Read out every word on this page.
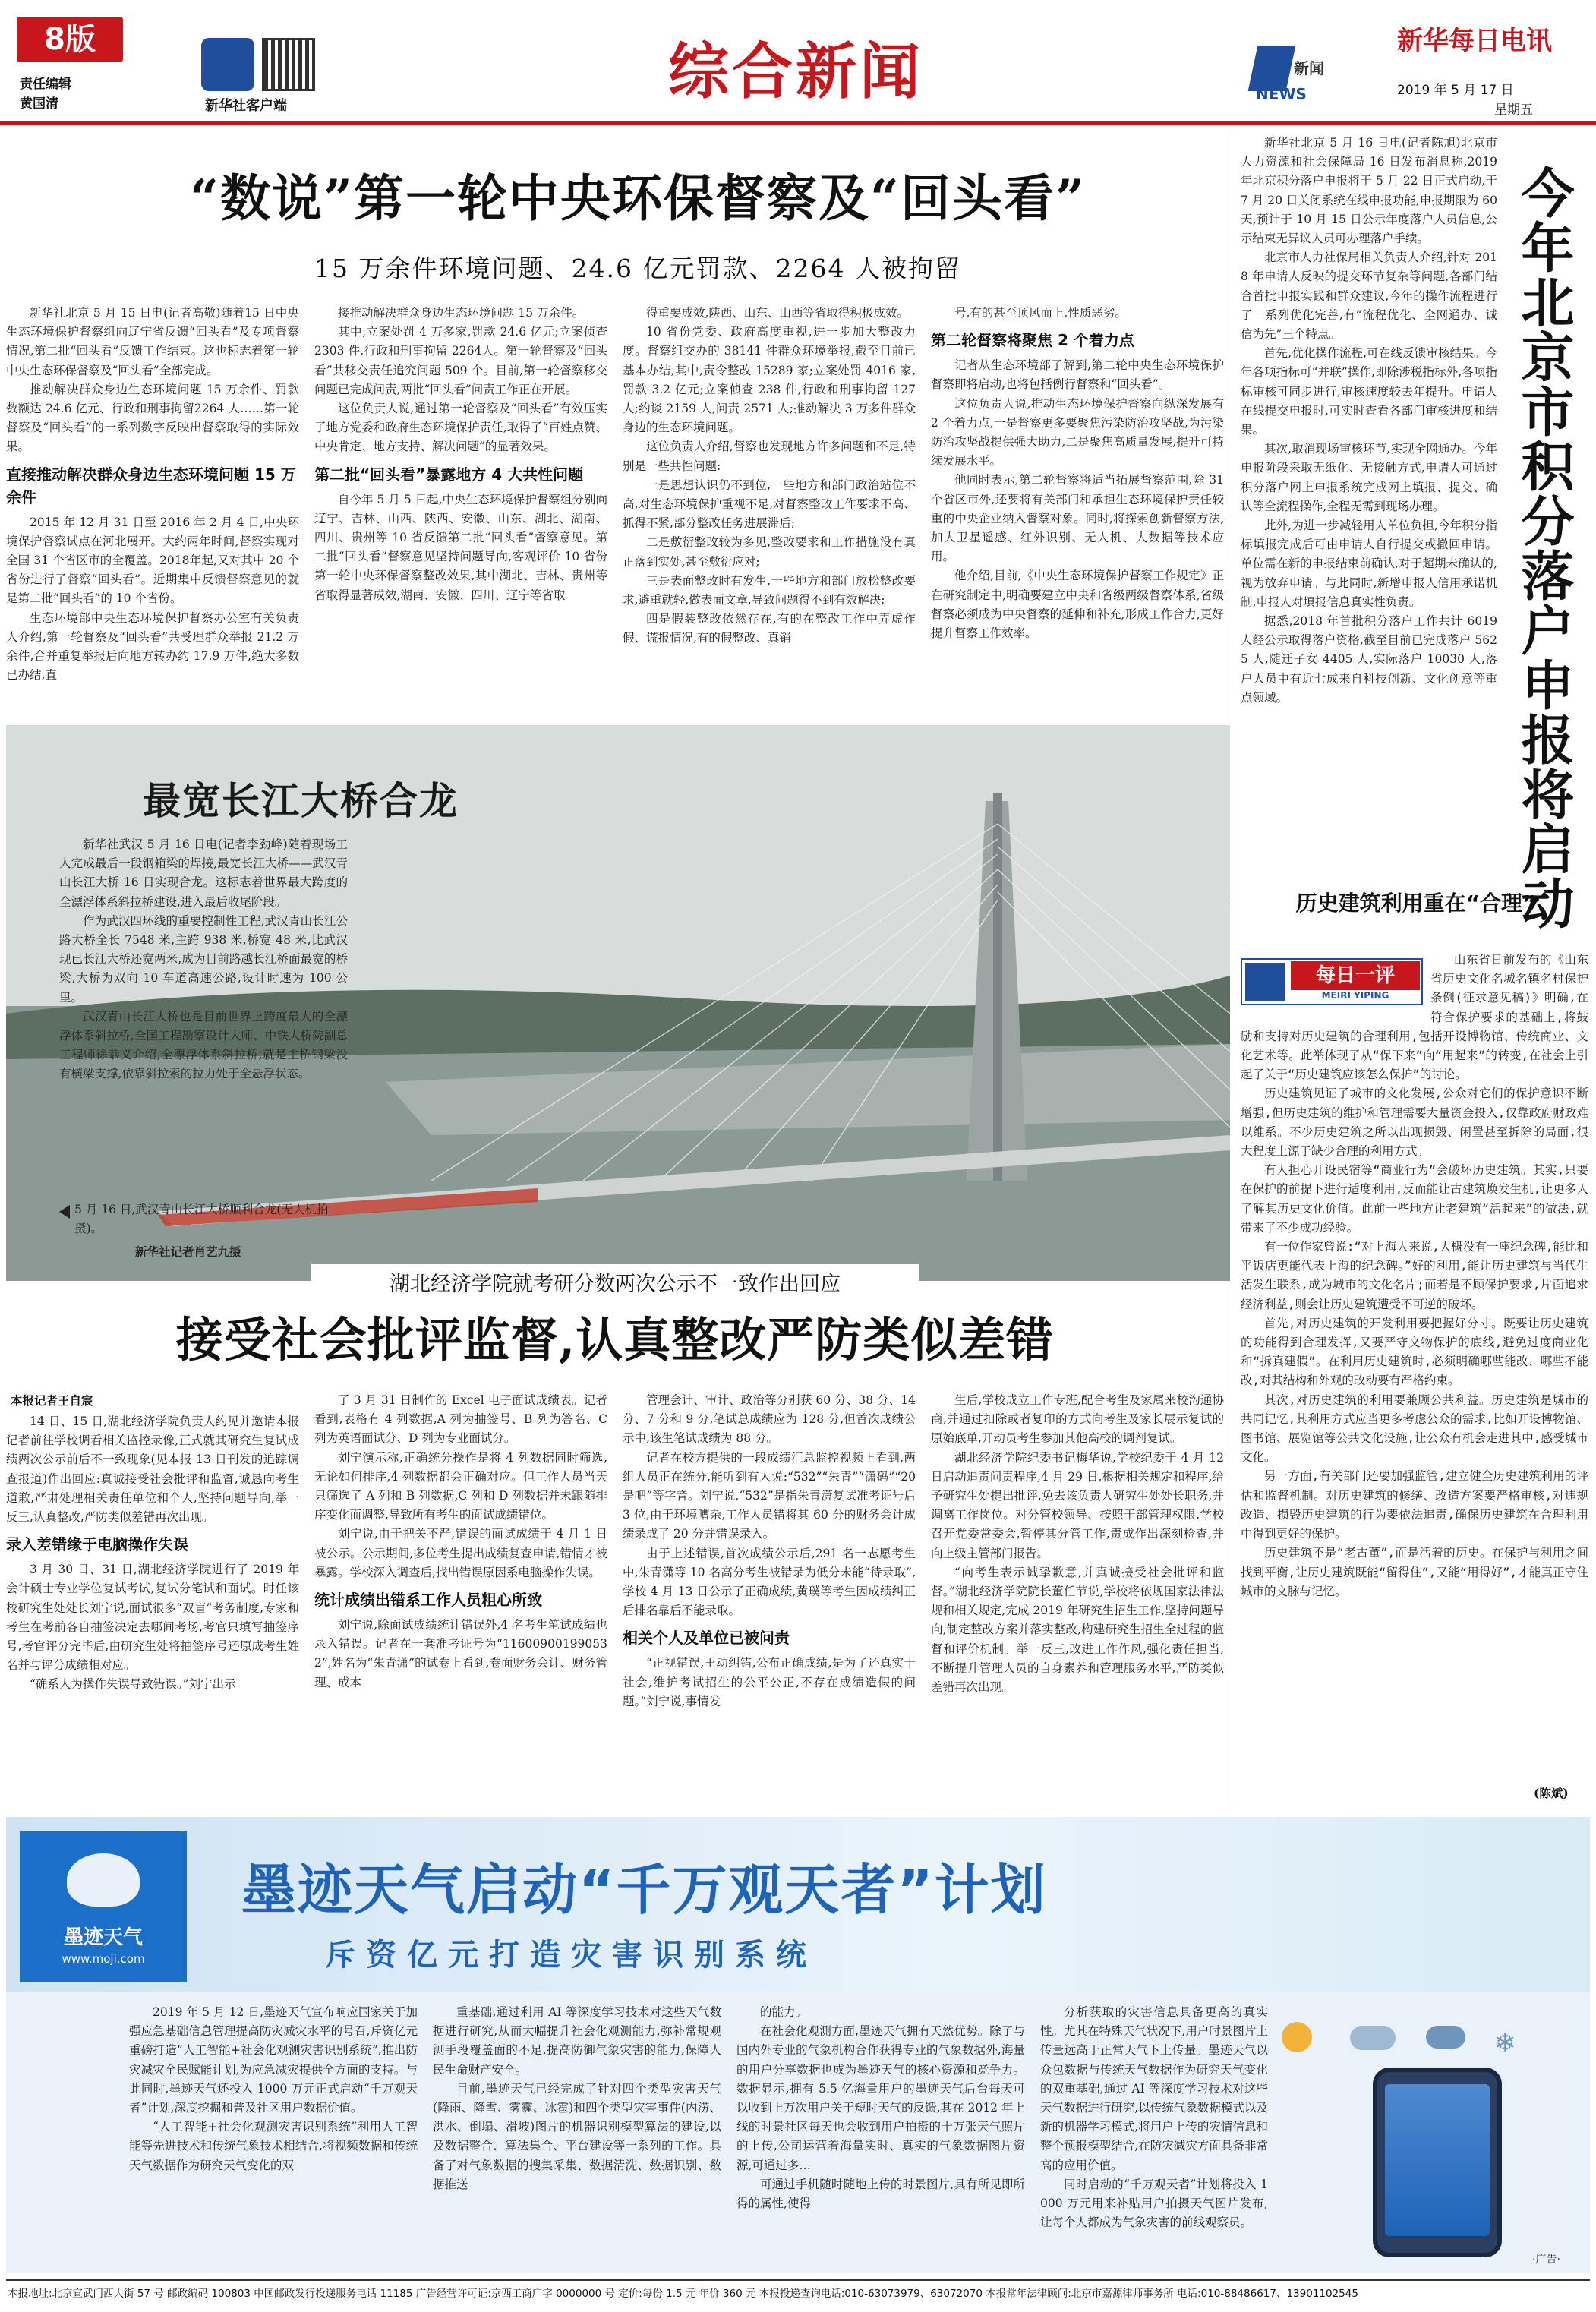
8版
责任编辑
黄国清	新华社客户端	综合新闻	NEWS
新闻
新华每日电讯
2019 年 5 月 17 日
星期五
“数说”第一轮中央环保督察及“回头看”
15 万余件环境问题、24.6 亿元罚款、2264 人被拘留

新华社北京 5 月 15 日电(记者高敬)随着15 日中央生态环境保护督察组向辽宁省反馈“回头看”及专项督察情况,第二批“回头看”反馈工作结束。这也标志着第一轮中央生态环保督察及“回头看”全部完成。

推动解决群众身边生态环境问题 15 万余件、罚款数额达 24.6 亿元、行政和刑事拘留2264 人……第一轮督察及“回头看”的一系列数字反映出督察取得的实际效果。

直接推动解决群众身边生态环境问题 15 万余件

2015 年 12 月 31 日至 2016 年 2 月 4 日,中央环境保护督察试点在河北展开。大约两年时间,督察实现对全国 31 个省区市的全覆盖。2018年起,又对其中 20 个省份进行了督察“回头看”。近期集中反馈督察意见的就是第二批“回头看”的 10 个省份。

生态环境部中央生态环境保护督察办公室有关负责人介绍,第一轮督察及“回头看”共受理群众举报 21.2 万余件,合并重复举报后向地方转办约 17.9 万件,绝大多数已办结,直

接推动解决群众身边生态环境问题 15 万余件。

其中,立案处罚 4 万多家,罚款 24.6 亿元;立案侦查 2303 件,行政和刑事拘留 2264人。第一轮督察及“回头看”共移交责任追究问题 509 个。目前,第一轮督察移交问题已完成问责,两批“回头看”问责工作正在开展。

这位负责人说,通过第一轮督察及“回头看”有效压实了地方党委和政府生态环境保护责任,取得了“百姓点赞、中央肯定、地方支持、解决问题”的显著效果。

第二批“回头看”暴露地方 4 大共性问题

自今年 5 月 5 日起,中央生态环境保护督察组分别向辽宁、吉林、山西、陕西、安徽、山东、湖北、湖南、四川、贵州等 10 省反馈第二批“回头看”督察意见。第二批“回头看”督察意见坚持问题导向,客观评价 10 省份第一轮中央环保督察整改效果,其中湖北、吉林、贵州等省取得显著成效,湖南、安徽、四川、辽宁等省取

得重要成效,陕西、山东、山西等省取得积极成效。

10 省份党委、政府高度重视,进一步加大整改力度。督察组交办的 38141 件群众环境举报,截至目前已基本办结,其中,责令整改 15289 家;立案处罚 4016 家,罚款 3.2 亿元;立案侦查 238 件,行政和刑事拘留 127 人;约谈 2159 人,问责 2571 人;推动解决 3 万多件群众身边的生态环境问题。

这位负责人介绍,督察也发现地方许多问题和不足,特别是一些共性问题:

一是思想认识仍不到位,一些地方和部门政治站位不高,对生态环境保护重视不足,对督察整改工作要求不高、抓得不紧,部分整改任务进展滞后;

二是敷衍整改较为多见,整改要求和工作措施没有真正落到实处,甚至敷衍应对;

三是表面整改时有发生,一些地方和部门放松整改要求,避重就轻,做表面文章,导致问题得不到有效解决;

四是假装整改依然存在,有的在整改工作中弄虚作假、谎报情况,有的假整改、真销

号,有的甚至顶风而上,性质恶劣。

第二轮督察将聚焦 2 个着力点

记者从生态环境部了解到,第二轮中央生态环境保护督察即将启动,也将包括例行督察和“回头看”。

这位负责人说,推动生态环境保护督察向纵深发展有 2 个着力点,一是督察更多要聚焦污染防治攻坚战,为污染防治攻坚战提供强大助力,二是聚焦高质量发展,提升可持续发展水平。

他同时表示,第二轮督察将适当拓展督察范围,除 31 个省区市外,还要将有关部门和承担生态环境保护责任较重的中央企业纳入督察对象。同时,将探索创新督察方法,加大卫星遥感、红外识别、无人机、大数据等技术应用。

他介绍,目前,《中央生态环境保护督察工作规定》正在研究制定中,明确要建立中央和省级两级督察体系,省级督察必须成为中央督察的延伸和补充,形成工作合力,更好提升督察工作效率。

新华社北京 5 月 16 日电(记者陈旭)北京市人力资源和社会保障局 16 日发布消息称,2019 年北京积分落户申报将于 5 月 22 日正式启动,于 7 月 20 日关闭系统在线申报功能,申报期限为 60 天,预计于 10 月 15 日公示年度落户人员信息,公示结束无异议人员可办理落户手续。

北京市人力社保局相关负责人介绍,针对 2018 年申请人反映的提交环节复杂等问题,各部门结合首批申报实践和群众建议,今年的操作流程进行了一系列优化完善,有“流程优化、全网通办、诚信为先”三个特点。

首先,优化操作流程,可在线反馈审核结果。今年各项指标可“并联”操作,即除涉税指标外,各项指标审核可同步进行,审核速度较去年提升。申请人在线提交申报时,可实时查看各部门审核进度和结果。

其次,取消现场审核环节,实现全网通办。今年申报阶段采取无纸化、无接触方式,申请人可通过积分落户网上申报系统完成网上填报、提交、确认等全流程操作,全程无需到现场办理。

此外,为进一步减轻用人单位负担,今年积分指标填报完成后可由申请人自行提交或撤回申请。单位需在新的申报结束前确认,对于超期未确认的,视为放弃申请。与此同时,新增申报人信用承诺机制,申报人对填报信息真实性负责。

据悉,2018 年首批积分落户工作共计 6019 人经公示取得落户资格,截至目前已完成落户 5625 人,随迁子女 4405 人,实际落户 10030 人,落户人员中有近七成来自科技创新、文化创意等重点领域。	今年北京市积分落户申报将启动
最宽长江大桥合龙

新华社武汉 5 月 16 日电(记者李劲峰)随着现场工人完成最后一段钢箱梁的焊接,最宽长江大桥——武汉青山长江大桥 16 日实现合龙。这标志着世界最大跨度的全漂浮体系斜拉桥建设,进入最后收尾阶段。

作为武汉四环线的重要控制性工程,武汉青山长江公路大桥全长 7548 米,主跨 938 米,桥宽 48 米,比武汉现已长江大桥还宽两米,成为目前路越长江桥面最宽的桥梁,大桥为双向 10 车道高速公路,设计时速为 100 公里。

武汉青山长江大桥也是目前世界上跨度最大的全漂浮体系斜拉桥,全国工程勘察设计大师、中铁大桥院副总工程师徐恭义介绍,全漂浮体系斜拉桥,就是主桥钢梁没有横梁支撑,依靠斜拉索的拉力处于全悬浮状态。

5 月 16 日,武汉青山长江大桥顺利合龙(无人机拍摄)。
新华社记者肖艺九摄
湖北经济学院就考研分数两次公示不一致作出回应
接受社会批评监督,认真整改严防类似差错
本报记者王自宸

14 日、15 日,湖北经济学院负责人约见并邀请本报记者前往学校调看相关监控录像,正式就其研究生复试成绩两次公示前后不一致现象(见本报 13 日刊发的追踪调查报道)作出回应:真诚接受社会批评和监督,诚恳向考生道歉,严肃处理相关责任单位和个人,坚持问题导向,举一反三,认真整改,严防类似差错再次出现。

录入差错缘于电脑操作失误

3 月 30 日、31 日,湖北经济学院进行了 2019 年会计硕士专业学位复试考试,复试分笔试和面试。时任该校研究生处处长刘宁说,面试很多“双盲”考务制度,专家和考生在考前各自抽签决定去哪间考场,考官只填写抽签序号,考官评分完毕后,由研究生处将抽签序号还原成考生姓名并与评分成绩相对应。

“确系人为操作失误导致错误。”刘宁出示

了 3 月 31 日制作的 Excel 电子面试成绩表。记者看到,表格有 4 列数据,A 列为抽签号、B 列为答名、C 列为英语面试分、D 列为专业面试分。

刘宁演示称,正确统分操作是将 4 列数据同时筛选,无论如何排序,4 列数据都会正确对应。但工作人员当天只筛选了 A 列和 B 列数据,C 列和 D 列数据并未跟随排序变化而调整,导致所有考生的面试成绩错位。

刘宁说,由于把关不严,错误的面试成绩于 4 月 1 日被公示。公示期间,多位考生提出成绩复查申请,错情才被暴露。学校深入调查后,找出错误原因系电脑操作失误。

统计成绩出错系工作人员粗心所致

刘宁说,除面试成绩统计错误外,4 名考生笔试成绩也录入错误。记者在一套准考证号为“116009001990532”,姓名为“朱青潇”的试卷上看到,卷面财务会计、财务管理、成本

管理会计、审计、政治等分别获 60 分、38 分、14 分、7 分和 9 分,笔试总成绩应为 128 分,但首次成绩公示中,该生笔试成绩为 88 分。

记者在校方提供的一段成绩汇总监控视频上看到,两组人员正在统分,能听到有人说:“532”“朱青”“潇码”“20 是吧”等字音。刘宁说,“532”是指朱青潇复试准考证号后 3 位,由于环境嘈杂,工作人员错将其 60 分的财务会计成绩录成了 20 分并错误录入。

由于上述错误,首次成绩公示后,291 名一志愿考生中,朱青潇等 10 名高分考生被错录为低分未能“待录取”,学校 4 月 13 日公示了正确成绩,黄璞等考生因成绩纠正后排名靠后不能录取。

相关个人及单位已被问责

“正视错误,王动纠错,公布正确成绩,是为了还真实于社会,维护考试招生的公平公正,不存在成绩造假的问题。”刘宁说,事情发

生后,学校成立工作专班,配合考生及家属来校沟通协商,并通过扣除或者复印的方式向考生及家长展示复试的原始底单,开动员考生参加其他高校的调剂复试。

湖北经济学院纪委书记梅华说,学校纪委于 4 月 12 日启动追责问责程序,4 月 29 日,根据相关规定和程序,给予研究生处提出批评,免去该负责人研究生处处长职务,并调离工作岗位。对分管校领导、按照干部管理权限,学校召开党委常委会,暂停其分管工作,责成作出深刻检查,并向上级主管部门报告。

“向考生表示诚挚歉意,并真诚接受社会批评和监督。”湖北经济学院院长董任节说,学校将依规国家法律法规和相关规定,完成 2019 年研究生招生工作,坚持问题导向,制定整改方案并落实整改,构建研究生招生全过程的监督和评价机制。举一反三,改进工作作风,强化责任担当,不断提升管理人员的自身素养和管理服务水平,严防类似差错再次出现。

历史建筑利用重在“合理”
每日一评
MEIRI YIPING

山东省日前发布的《山东省历史文化名城名镇名村保护条例(征求意见稿)》明确,在符合保护要求的基础上,将鼓励和支持对历史建筑的合理利用,包括开设博物馆、传统商业、文化艺术等。此举体现了从“保下来”向“用起来”的转变,在社会上引起了关于“历史建筑应该怎么保护”的讨论。

历史建筑见证了城市的文化发展,公众对它们的保护意识不断增强,但历史建筑的维护和管理需要大量资金投入,仅靠政府财政难以维系。不少历史建筑之所以出现损毁、闲置甚至拆除的局面,很大程度上源于缺少合理的利用方式。

有人担心开设民宿等“商业行为”会破坏历史建筑。其实,只要在保护的前提下进行适度利用,反而能让古建筑焕发生机,让更多人了解其历史文化价值。此前一些地方让老建筑“活起来”的做法,就带来了不少成功经验。

有一位作家曾说:“对上海人来说,大概没有一座纪念碑,能比和平饭店更能代表上海的纪念碑。”好的利用,能让历史建筑与当代生活发生联系,成为城市的文化名片;而若是不顾保护要求,片面追求经济利益,则会让历史建筑遭受不可逆的破坏。

首先,对历史建筑的开发利用要把握好分寸。既要让历史建筑的功能得到合理发挥,又要严守文物保护的底线,避免过度商业化和“拆真建假”。在利用历史建筑时,必须明确哪些能改、哪些不能改,对其结构和外观的改动要有严格约束。

其次,对历史建筑的利用要兼顾公共利益。历史建筑是城市的共同记忆,其利用方式应当更多考虑公众的需求,比如开设博物馆、图书馆、展览馆等公共文化设施,让公众有机会走进其中,感受城市文化。

另一方面,有关部门还要加强监管,建立健全历史建筑利用的评估和监督机制。对历史建筑的修缮、改造方案要严格审核,对违规改造、损毁历史建筑的行为要依法追责,确保历史建筑在合理利用中得到更好的保护。

历史建筑不是“老古董”,而是活着的历史。在保护与利用之间找到平衡,让历史建筑既能“留得住”,又能“用得好”,才能真正守住城市的文脉与记忆。

(陈斌)
墨迹天气
www.moji.com
墨迹天气启动“千万观天者”计划
斥资亿元打造灾害识别系统

2019 年 5 月 12 日,墨迹天气宣布响应国家关于加强应急基础信息管理提高防灾减灾水平的号召,斥资亿元重磅打造“人工智能+社会化观测灾害识别系统”,推出防灾减灾全民赋能计划,为应急减灾提供全方面的支持。与此同时,墨迹天气还投入 1000 万元正式启动“千万观天者”计划,深度挖掘和普及社区用户数据价值。

“人工智能+社会化观测灾害识别系统”利用人工智能等先进技术和传统气象技术相结合,将视频数据和传统天气数据作为研究天气变化的双

重基础,通过利用 AI 等深度学习技术对这些天气数据进行研究,从而大幅提升社会化观测能力,弥补常规观测手段覆盖面的不足,提高防御气象灾害的能力,保障人民生命财产安全。

目前,墨迹天气已经完成了针对四个类型灾害天气(降雨、降雪、雾霾、冰雹)和四个类型灾害事件(内涝、洪水、倒塌、滑坡)图片的机器识别模型算法的建设,以及数据整合、算法集合、平台建设等一系列的工作。具备了对气象数据的搜集采集、数据清洗、数据识别、数据推送

的能力。

在社会化观测方面,墨迹天气拥有天然优势。除了与国内外专业的气象机构合作获得专业的气象数据外,海量的用户分享数据也成为墨迹天气的核心资源和竞争力。数据显示,拥有 5.5 亿海量用户的墨迹天气后台每天可以收到上万次用户关于短时天气的反馈,其在 2012 年上线的时景社区每天也会收到用户拍摄的十万张天气照片的上传,公司运营着海量实时、真实的气象数据图片资源,可通过多…

可通过手机随时随地上传的时景图片,具有所见即所得的属性,使得

分析获取的灾害信息具备更高的真实性。尤其在特殊天气状况下,用户时景图片上传量远高于正常天气下上传量。墨迹天气以众包数据与传统天气数据作为研究天气变化的双重基础,通过 AI 等深度学习技术对这些天气数据进行研究,以传统气象数据模式以及新的机器学习模式,将用户上传的灾情信息和整个预报模型结合,在防灾减灾方面具备非常高的应用价值。

同时启动的“千万观天者”计划将投入 1000 万元用来补贴用户拍摄天气图片发布,让每个人都成为气象灾害的前线观察员。

❄
·广告·
本报地址:北京宣武门西大街 57 号 邮政编码 100803 中国邮政发行投递服务电话 11185 广告经营许可证:京西工商广字 0000000 号 定价:每份 1.5 元 年价 360 元 本报投递查询电话:010-63073979、63072070 本报常年法律顾问:北京市嘉源律师事务所 电话:010-88486617、13901102545
